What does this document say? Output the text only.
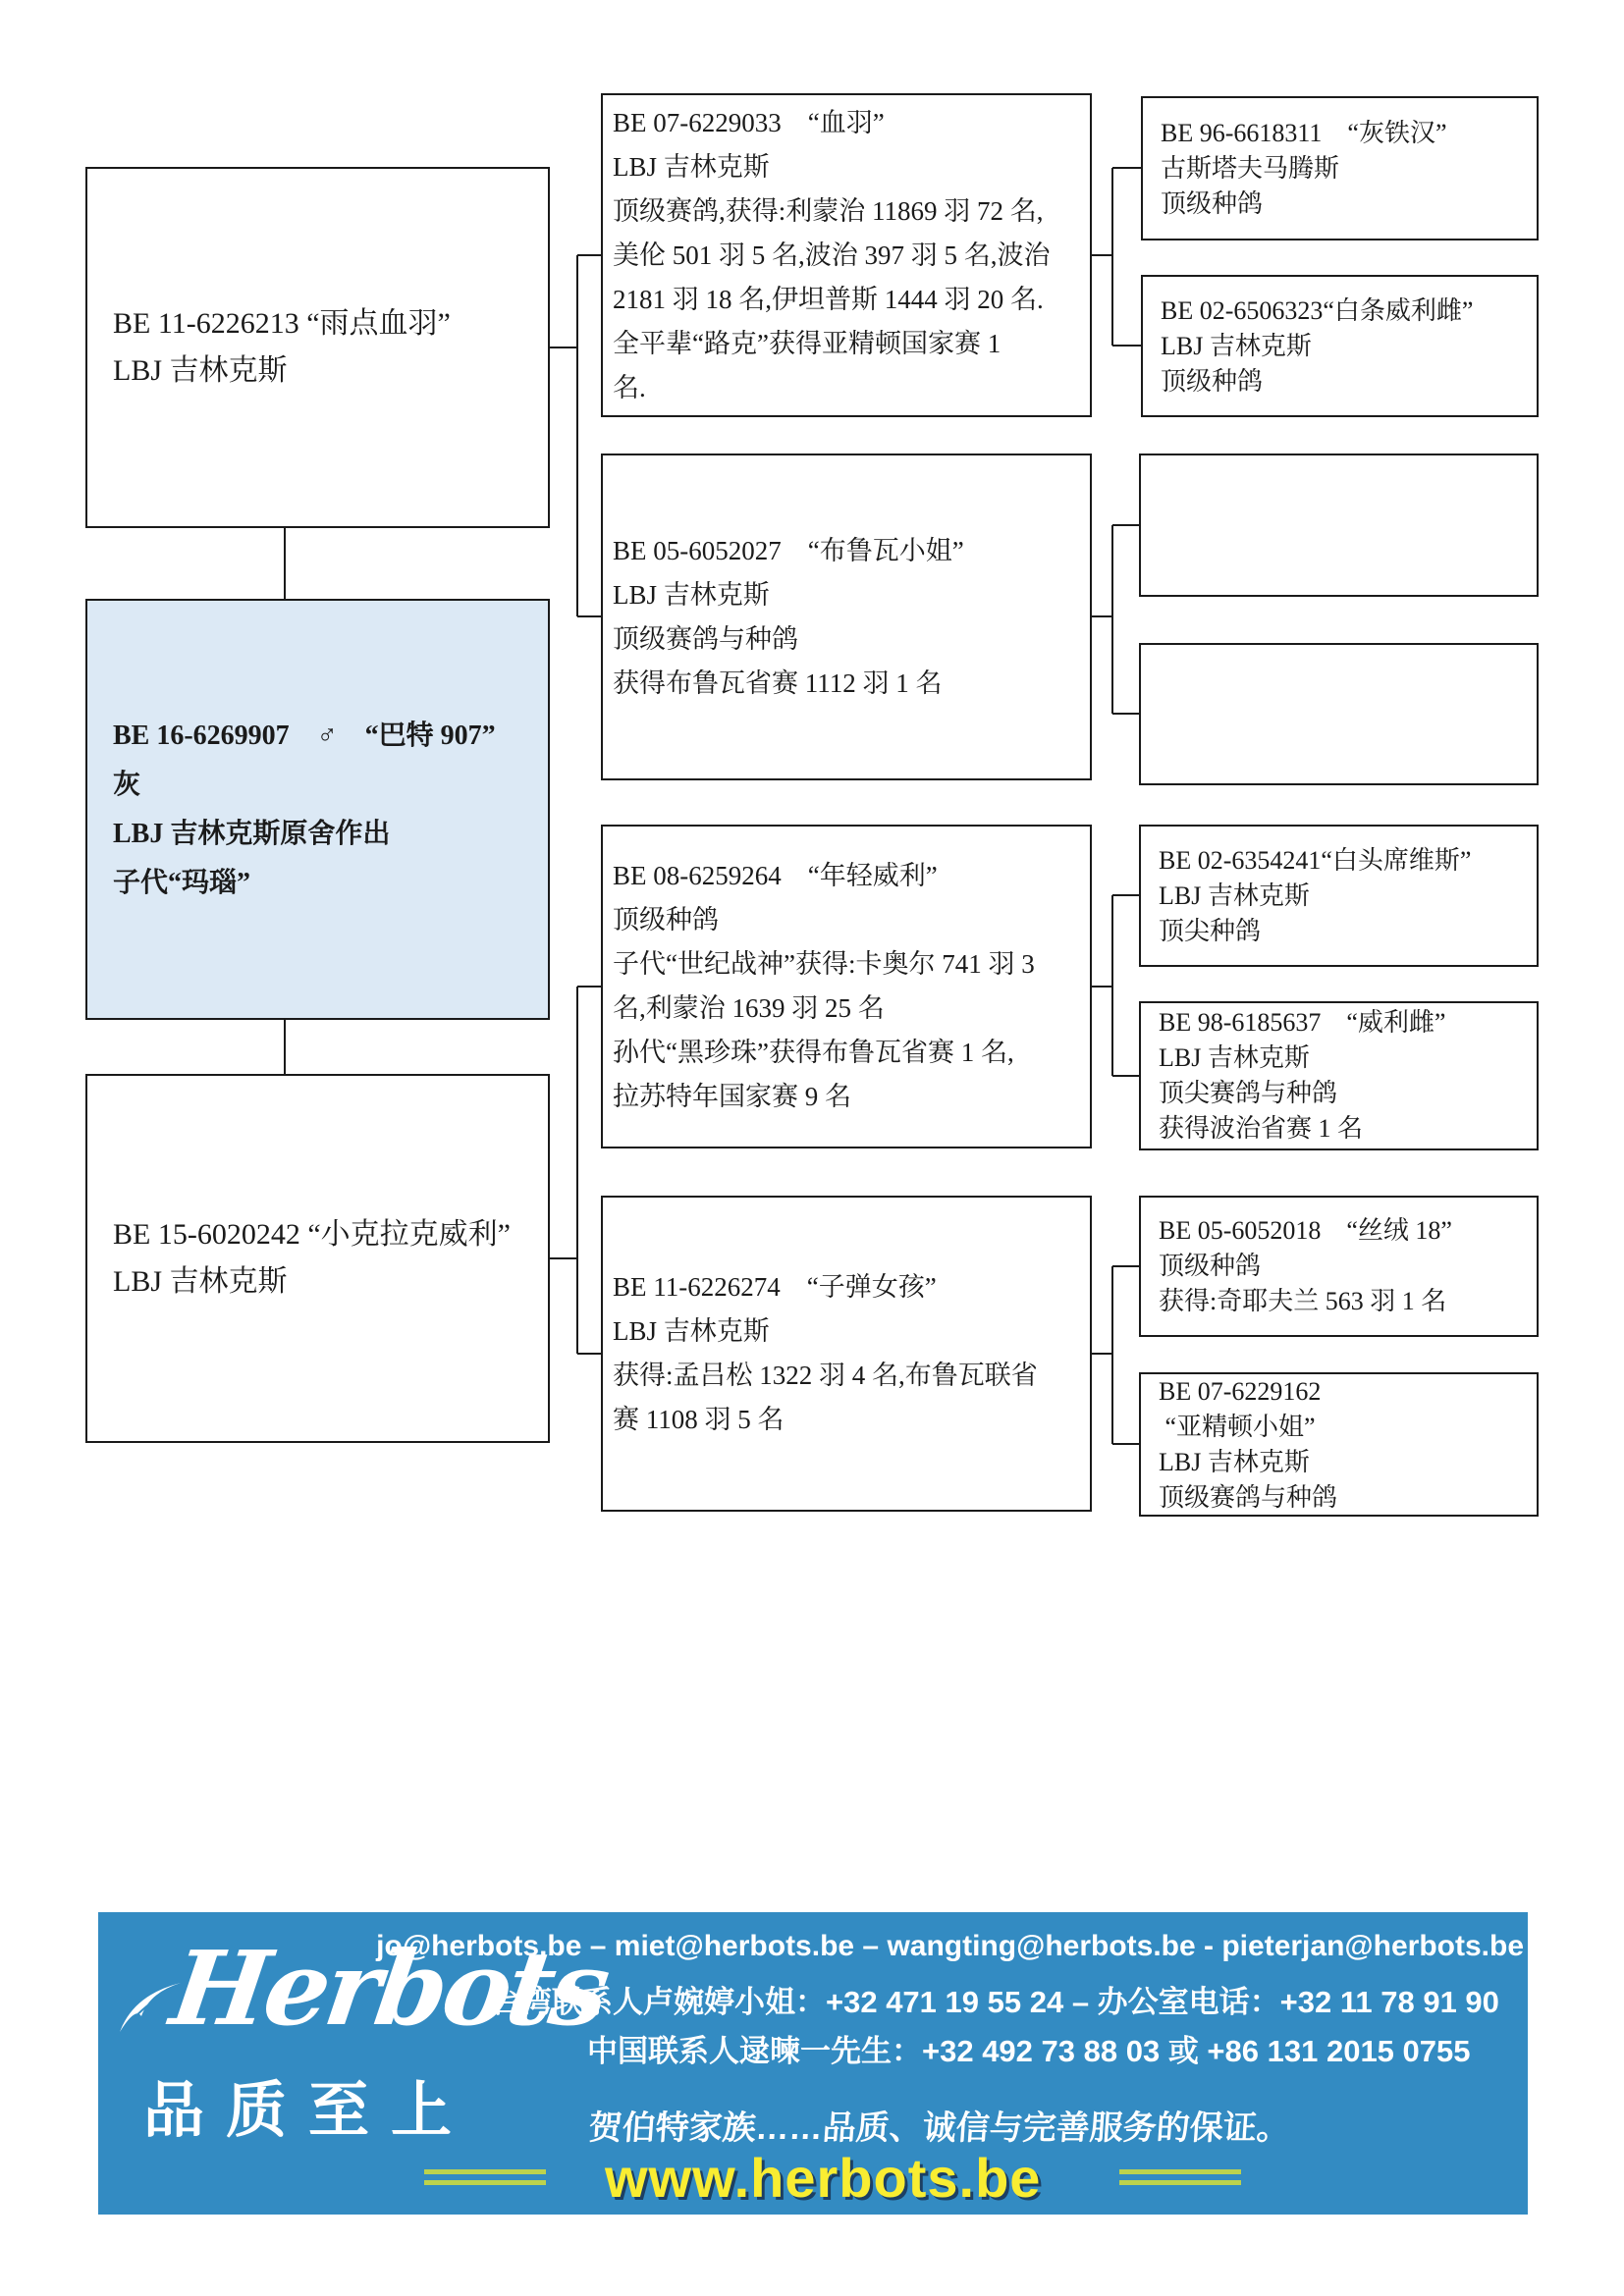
BE 11-6226213 “雨点血羽”
LBJ 吉林克斯
BE 16-6269907　♂　“巴特 907”
灰
LBJ 吉林克斯原舍作出
子代“玛瑙”
BE 15-6020242 “小克拉克威利”
LBJ 吉林克斯
BE 07-6229033　“血羽”
LBJ 吉林克斯
顶级赛鸽,获得:利蒙治 11869 羽 72 名,
美伦 501 羽 5 名,波治 397 羽 5 名,波治
2181 羽 18 名,伊坦普斯 1444 羽 20 名.
全平辈“路克”获得亚精顿国家赛 1
名.
BE 05-6052027　“布鲁瓦小姐”
LBJ 吉林克斯
顶级赛鸽与种鸽
获得布鲁瓦省赛 1112 羽 1 名
BE 08-6259264　“年轻威利”
顶级种鸽
子代“世纪战神”获得:卡奥尔 741 羽 3
名,利蒙治 1639 羽 25 名
孙代“黑珍珠”获得布鲁瓦省赛 1 名,
拉苏特年国家赛 9 名
BE 11-6226274　“子弹女孩”
LBJ 吉林克斯
获得:孟吕松 1322 羽 4 名,布鲁瓦联省
赛 1108 羽 5 名
BE 96-6618311　“灰铁汉”
古斯塔夫马腾斯
顶级种鸽
BE 02-6506323“白条威利雌”
LBJ 吉林克斯
顶级种鸽
BE 02-6354241“白头席维斯”
LBJ 吉林克斯
顶尖种鸽
BE 98-6185637　“威利雌”
LBJ 吉林克斯
顶尖赛鸽与种鸽
获得波治省赛 1 名
BE 05-6052018　“丝绒 18”
顶级种鸽
获得:奇耶夫兰 563 羽 1 名
BE 07-6229162
“亚精顿小姐”
LBJ 吉林克斯
顶级赛鸽与种鸽
Herbots
品质至上
jo@herbots.be – miet@herbots.be – wangting@herbots.be - pieterjan@herbots.be
台湾联系人卢婉婷小姐：+32 471 19 55 24 – 办公室电话：+32 11 78 91 90
中国联系人逯暕一先生：+32 492 73 88 03 或 +86 131 2015 0755
贺伯特家族……品质、诚信与完善服务的保证。
www.herbots.be
